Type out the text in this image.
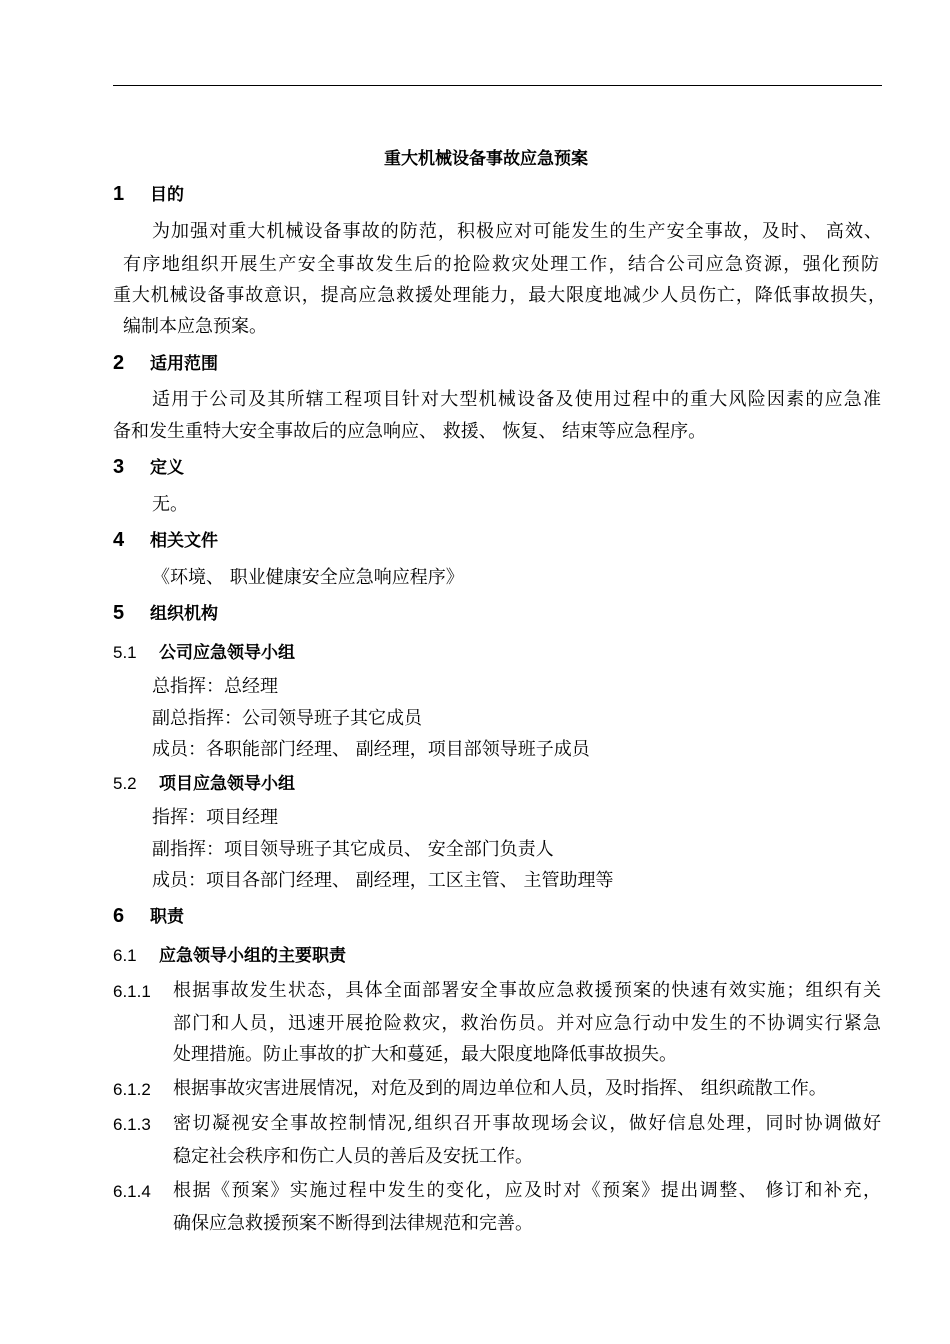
重大机械设备事故应急预案
1 目的
为加强对重大机械设备事故的防范，积极应对可能发生的生产安全事故，及时、 高效、
有序地组织开展生产安全事故发生后的抢险救灾处理工作，结合公司应急资源，强化预防
重大机械设备事故意识，提高应急救援处理能力，最大限度地减少人员伤亡，降低事故损失，
编制本应急预案。
2 适用范围
适用于公司及其所辖工程项目针对大型机械设备及使用过程中的重大风险因素的应急准
备和发生重特大安全事故后的应急响应、 救援、 恢复、 结束等应急程序。
3 定义
无。
4 相关文件
《环境、 职业健康安全应急响应程序》
5 组织机构
5.1 公司应急领导小组
总指挥：总经理
副总指挥：公司领导班子其它成员
成员：各职能部门经理、 副经理，项目部领导班子成员
5.2 项目应急领导小组
指挥：项目经理
副指挥：项目领导班子其它成员、 安全部门负责人
成员：项目各部门经理、 副经理，工区主管、 主管助理等
6 职责
6.1 应急领导小组的主要职责
6.1.1 根据事故发生状态，具体全面部署安全事故应急救援预案的快速有效实施；组织有关
部门和人员，迅速开展抢险救灾，救治伤员。并对应急行动中发生的不协调实行紧急
处理措施。防止事故的扩大和蔓延，最大限度地降低事故损失。
6.1.2 根据事故灾害进展情况，对危及到的周边单位和人员，及时指挥、 组织疏散工作。
6.1.3 密切凝视安全事故控制情况,组织召开事故现场会议，做好信息处理，同时协调做好
稳定社会秩序和伤亡人员的善后及安抚工作。
6.1.4 根据《预案》实施过程中发生的变化，应及时对《预案》提出调整、 修订和补充，
确保应急救援预案不断得到法律规范和完善。
